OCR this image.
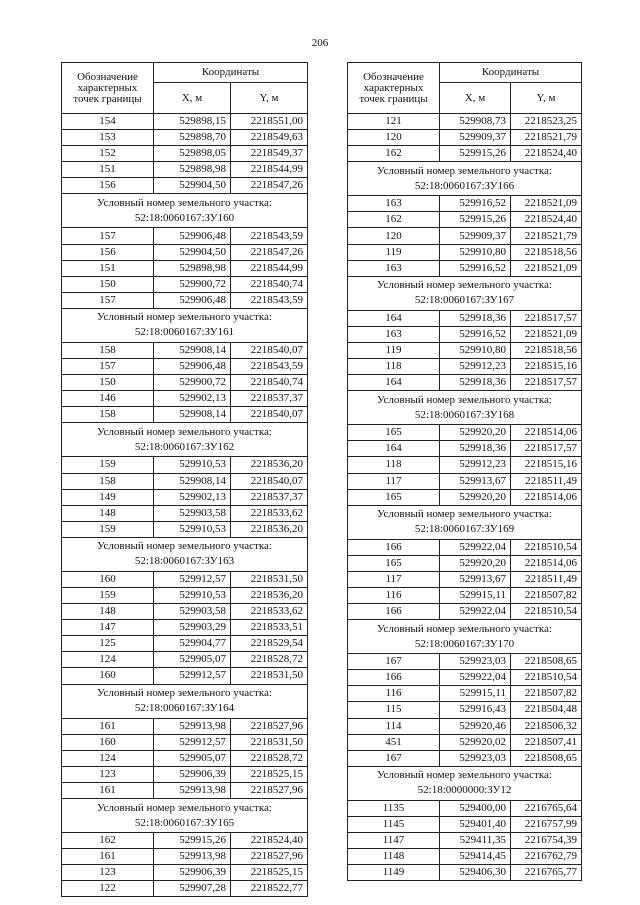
206
Обозначение характерных точек границы	Координаты	
	X, м	Y, м
154	529898,15	2218551,00
153	529898,70	2218549,63
152	529898,05	2218549,37
151	529898,98	2218544,99
156	529904,50	2218547,26
Условный номер земельного участка: 52:18:0060167:ЗУ160		
157	529906,48	2218543,59
156	529904,50	2218547,26
151	529898,98	2218544,99
150	529900,72	2218540,74
157	529906,48	2218543,59
Условный номер земельного участка: 52:18:0060167:ЗУ161		
158	529908,14	2218540,07
157	529906,48	2218543,59
150	529900,72	2218540,74
146	529902,13	2218537,37
158	529908,14	2218540,07
Условный номер земельного участка: 52:18:0060167:ЗУ162		
159	529910,53	2218536,20
158	529908,14	2218540,07
149	529902,13	2218537,37
148	529903,58	2218533,62
159	529910,53	2218536,20
Условный номер земельного участка: 52:18:0060167:ЗУ163		
160	529912,57	2218531,50
159	529910,53	2218536,20
148	529903,58	2218533,62
147	529903,29	2218533,51
125	529904,77	2218529,54
124	529905,07	2218528,72
160	529912,57	2218531,50
Условный номер земельного участка: 52:18:0060167:ЗУ164		
161	529913,98	2218527,96
160	529912,57	2218531,50
124	529905,07	2218528,72
123	529906,39	2218525,15
161	529913,98	2218527,96
Условный номер земельного участка: 52:18:0060167:ЗУ165		
162	529915,26	2218524,40
161	529913,98	2218527,96
123	529906,39	2218525,15
122	529907,28	2218522,77
Обозначение характерных точек границы	Координаты	
	X, м	Y, м
121	529908,73	2218523,25
120	529909,37	2218521,79
162	529915,26	2218524,40
Условный номер земельного участка: 52:18:0060167:ЗУ166		
163	529916,52	2218521,09
162	529915,26	2218524,40
120	529909,37	2218521,79
119	529910,80	2218518,56
163	529916,52	2218521,09
Условный номер земельного участка: 52:18:0060167:ЗУ167		
164	529918,36	2218517,57
163	529916,52	2218521,09
119	529910,80	2218518,56
118	529912,23	2218515,16
164	529918,36	2218517,57
Условный номер земельного участка: 52:18:0060167:ЗУ168		
165	529920,20	2218514,06
164	529918,36	2218517,57
118	529912,23	2218515,16
117	529913,67	2218511,49
165	529920,20	2218514,06
Условный номер земельного участка: 52:18:0060167:ЗУ169		
166	529922,04	2218510,54
165	529920,20	2218514,06
117	529913,67	2218511,49
116	529915,11	2218507,82
166	529922,04	2218510,54
Условный номер земельного участка: 52:18:0060167:ЗУ170		
167	529923,03	2218508,65
166	529922,04	2218510,54
116	529915,11	2218507,82
115	529916,43	2218504,48
114	529920,46	2218506,32
451	529920,02	2218507,41
167	529923,03	2218508,65
Условный номер земельного участка: 52:18:0000000:ЗУ12		
1135	529400,00	2216765,64
1145	529401,40	2216757,99
1147	529411,35	2216754,39
1148	529414,45	2216762,79
1149	529406,30	2216765,77
